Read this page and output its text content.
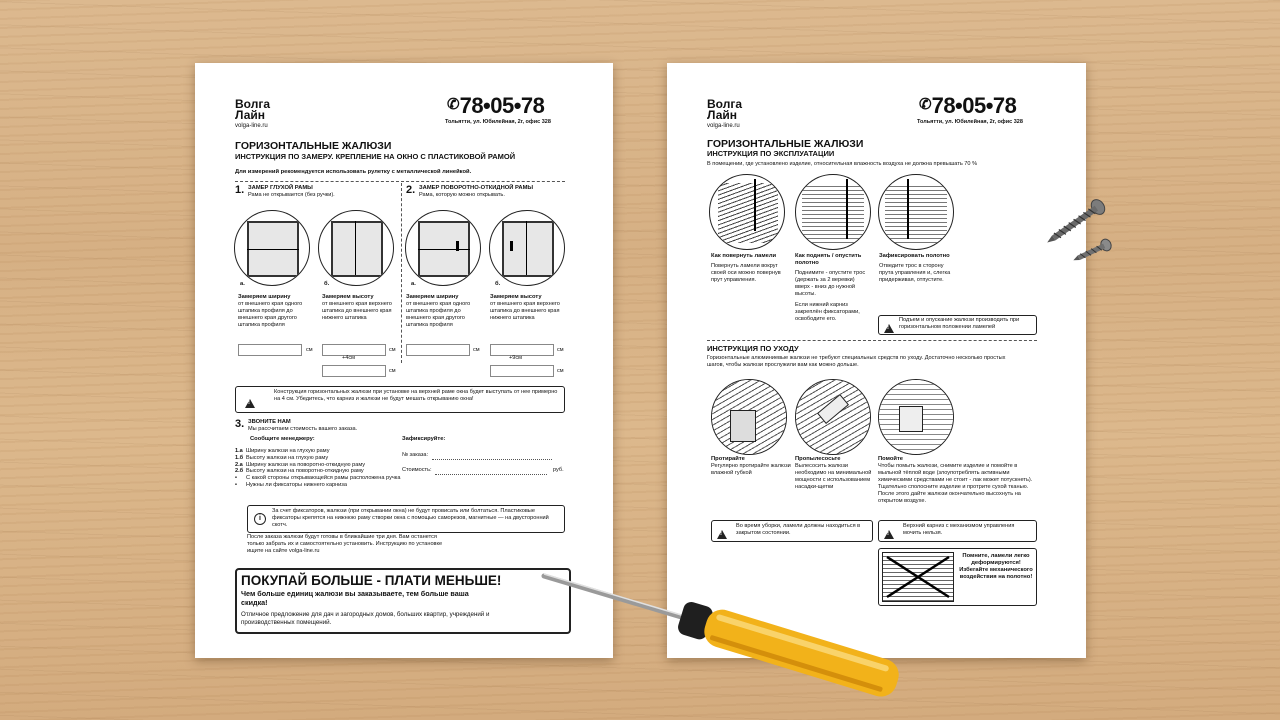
Волга
Лайн
volga-line.ru
✆78•05•78
Тольятти, ул. Юбилейная, 2г, офис 328
ГОРИЗОНТАЛЬНЫЕ ЖАЛЮЗИ
ИНСТРУКЦИЯ ПО ЗАМЕРУ. КРЕПЛЕНИЕ НА ОКНО С ПЛАСТИКОВОЙ РАМОЙ
Для измерений рекомендуется использовать рулетку с металлической линейкой.
1. ЗАМЕР ГЛУХОЙ РАМЫ
Рама не открывается (без ручки).	2. ЗАМЕР ПОВОРОТНО-ОТКИДНОЙ РАМЫ
Рама, которую можно открывать.
а.	б.	а.	б.
Замеряем ширину
от внешнего края одного штапика профиля до внешнего края другого штапика профиля
Замеряем высоту
от внешнего края верхнего штапика до внешнего края нижнего штапика
Замеряем ширину
от внешнего края одного штапика профиля до внешнего края другого штапика профиля
Замеряем высоту
от внешнего края верхнего штапика до внешнего края нижнего штапика
см	см	см	см
+4см	+9см
см	см
!
Конструкция горизонтальных жалюзи при установке на верхней раме окна будет выступать от нее примерно на 4 см. Убедитесь, что карниз и жалюзи не будут мешать открыванию окна!
3. ЗВОНИТЕ НАМ
Мы рассчитаем стоимость вашего заказа.
Сообщите менеджеру:
1.а Ширину жалюзи на глухую раму
1.б Высоту жалюзи на глухую раму
2.а Ширину жалюзи на поворотно-откидную раму
2.б Высоту жалюзи на поворотно-откидную раму
• С какой стороны открывающейся рамы расположена ручка
• Нужны ли фиксаторы нижнего карниза
Зафиксируйте:
№ заказа:
Стоимость:	руб.
i
За счет фиксаторов, жалюзи (при открывании окна) не будут провисать или болтаться. Пластиковые фиксаторы крепятся на нижнюю раму створки окна с помощью саморезов, магнитные — на двусторонний скотч.
После заказа жалюзи будут готовы в ближайшие три дня. Вам останется только забрать их и самостоятельно установить. Инструкцию по установке ищите на сайте volga-line.ru
ПОКУПАЙ БОЛЬШЕ - ПЛАТИ МЕНЬШЕ!
Чем больше единиц жалюзи вы заказываете, тем больше ваша скидка!
Отличное предложение для дач и загородных домов, больших квартир, учреждений и производственных помещений.
Волга
Лайн
volga-line.ru
✆78•05•78
Тольятти, ул. Юбилейная, 2г, офис 328
ГОРИЗОНТАЛЬНЫЕ ЖАЛЮЗИ
ИНСТРУКЦИЯ ПО ЭКСПЛУАТАЦИИ
В помещении, где установлено изделие, относительная влажность воздуха не должна превышать 70 %
Как повернуть ламели
Повернуть ламели вокруг своей оси можно повернув прут управления.
Как поднять / опустить полотно
Поднимите - опустите трос (держать за 2 веревки) вверх - вниз до нужной высоты.
Если нижний карниз закреплён фиксаторами, освободите его.
Зафиксировать полотно
Отведите трос в сторону прута управления и, слегка придерживая, отпустите.
!
Подъем и опускание жалюзи производить при горизонтальном положении ламелей
ИНСТРУКЦИЯ ПО УХОДУ
Горизонтальные алюминиевые жалюзи не требуют специальных средств по уходу. Достаточно несколько простых шагов, чтобы жалюзи прослужили вам как можно дольше.
Протирайте
Регулярно протирайте жалюзи влажной губкой
Пропылесосьте
Вылесосить жалюзи необходимо на минимальной мощности с использованием насадки-щетки
Помойте
Чтобы помыть жалюзи, снимите изделие и помойте в мыльной тёплой воде (злоупотреблять активными химическими средствами не стоит - лак может потускнеть). Тщательно сполосните изделие и протрите сухой тканью. После этого дайте жалюзи окончательно высохнуть на открытом воздухе.
!
Во время уборки, ламели должны находиться в закрытом состоянии.
!
Верхний карниз с механизмом управления мочить нельзя.
Помните, ламели легко деформируются! Избегайте механического воздействия на полотно!
